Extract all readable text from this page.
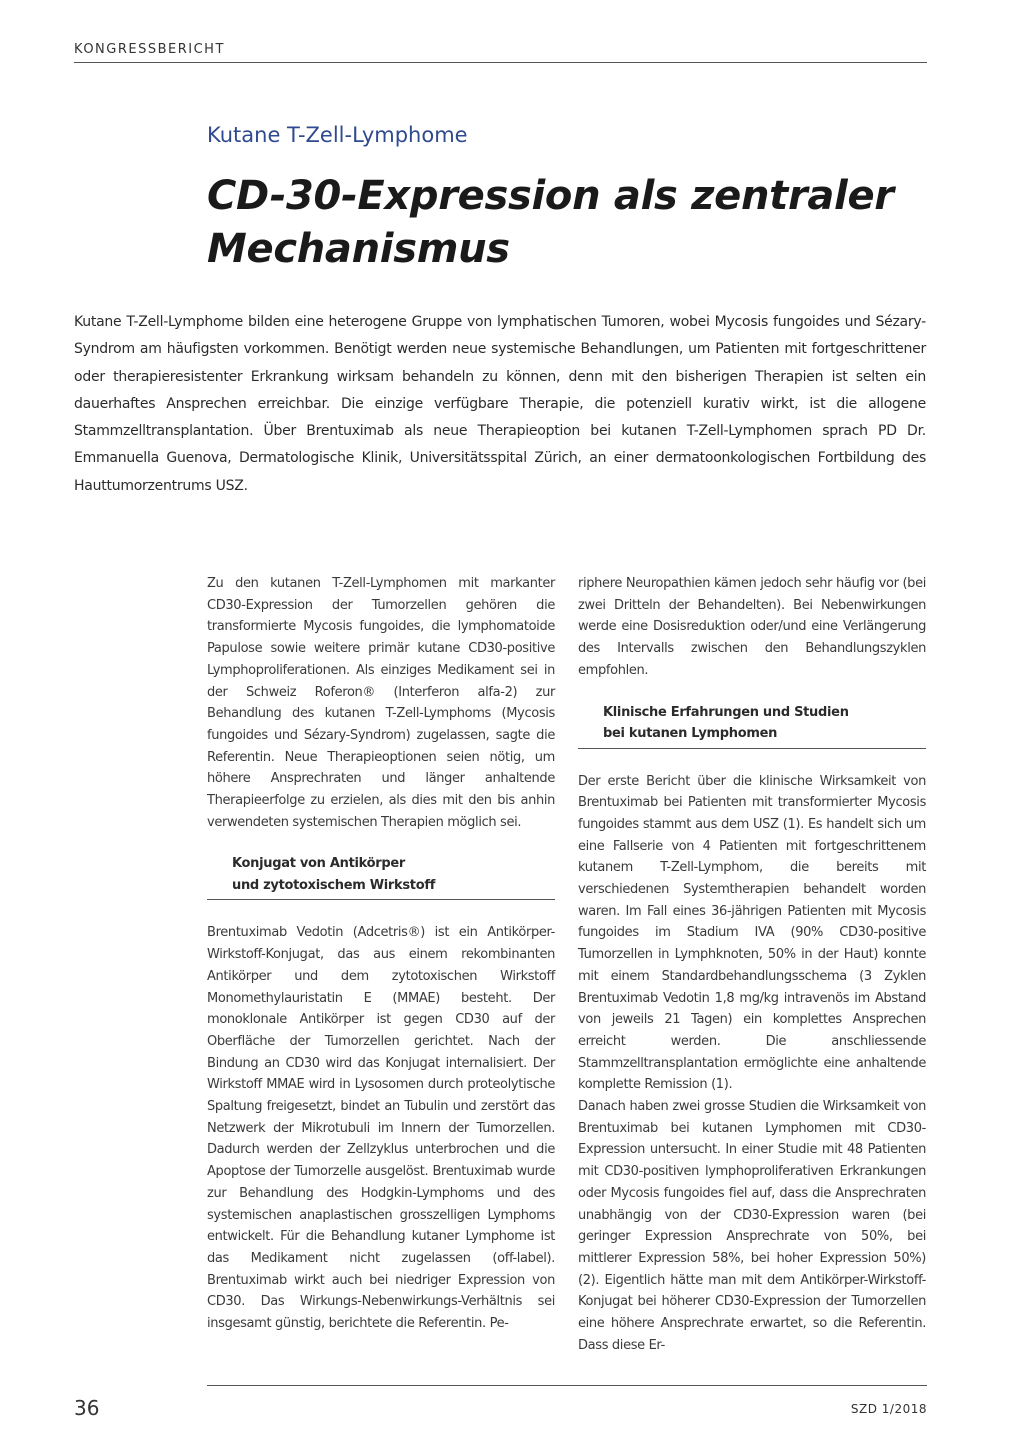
KONGRESSBERICHT
Kutane T-Zell-Lymphome
CD-30-Expression als zentraler Mechanismus
Kutane T-Zell-Lymphome bilden eine heterogene Gruppe von lymphatischen Tumoren, wobei Mycosis fungoides und Sézary-Syndrom am häufigsten vorkommen. Benötigt werden neue systemische Behandlungen, um Patienten mit fortgeschrittener oder therapieresistenter Erkrankung wirksam behandeln zu können, denn mit den bisherigen Therapien ist selten ein dauerhaftes Ansprechen erreichbar. Die einzige verfügbare Therapie, die potenziell kurativ wirkt, ist die allogene Stammzelltransplantation. Über Brentuximab als neue Therapieoption bei kutanen T-Zell-Lymphomen sprach PD Dr. Emmanuella Guenova, Dermatologische Klinik, Universitätsspital Zürich, an einer dermatoonkologischen Fortbildung des Hauttumorzentrums USZ.

Zu den kutanen T-Zell-Lymphomen mit markanter CD30-Expression der Tumorzellen gehören die transformierte Mycosis fungoides, die lymphomatoide Papulose sowie weitere primär kutane CD30-positive Lymphoproliferationen. Als einziges Medikament sei in der Schweiz Roferon® (Interferon alfa-2) zur Behandlung des kutanen T-Zell-Lymphoms (Mycosis fungoides und Sézary-Syndrom) zugelassen, sagte die Referentin. Neue Therapieoptionen seien nötig, um höhere Ansprechraten und länger anhaltende Therapieerfolge zu erzielen, als dies mit den bis anhin verwendeten systemischen Therapien möglich sei.

Konjugat von Antikörper
und zytotoxischem Wirkstoff

Brentuximab Vedotin (Adcetris®) ist ein Antikörper-Wirkstoff-Konjugat, das aus einem rekombinanten Antikörper und dem zytotoxischen Wirkstoff Monomethylauristatin E (MMAE) besteht. Der monoklonale Antikörper ist gegen CD30 auf der Oberfläche der Tumorzellen gerichtet. Nach der Bindung an CD30 wird das Konjugat internalisiert. Der Wirkstoff MMAE wird in Lysosomen durch proteolytische Spaltung freigesetzt, bindet an Tubulin und zerstört das Netzwerk der Mikrotubuli im Innern der Tumorzellen. Dadurch werden der Zellzyklus unterbrochen und die Apoptose der Tumorzelle ausgelöst. Brentuximab wurde zur Behandlung des Hodgkin-Lymphoms und des systemischen anaplastischen grosszelligen Lymphoms entwickelt. Für die Behandlung kutaner Lymphome ist das Medikament nicht zugelassen (off-label). Brentuximab wirkt auch bei niedriger Expression von CD30. Das Wirkungs-Nebenwirkungs-Verhältnis sei insgesamt günstig, berichtete die Referentin. Pe-

riphere Neuropathien kämen jedoch sehr häufig vor (bei zwei Dritteln der Behandelten). Bei Nebenwirkungen werde eine Dosisreduktion oder/und eine Verlängerung des Intervalls zwischen den Behandlungszyklen empfohlen.

Klinische Erfahrungen und Studien
bei kutanen Lymphomen

Der erste Bericht über die klinische Wirksamkeit von Brentuximab bei Patienten mit transformierter Mycosis fungoides stammt aus dem USZ (1). Es handelt sich um eine Fallserie von 4 Patienten mit fortgeschrittenem kutanem T-Zell-Lymphom, die bereits mit verschiedenen Systemtherapien behandelt worden waren. Im Fall eines 36-jährigen Patienten mit Mycosis fungoides im Stadium IVA (90% CD30-positive Tumorzellen in Lymphknoten, 50% in der Haut) konnte mit einem Standardbehandlungsschema (3 Zyklen Brentuximab Vedotin 1,8 mg/kg intravenös im Abstand von jeweils 21 Tagen) ein komplettes Ansprechen erreicht werden. Die anschliessende Stammzelltransplantation ermöglichte eine anhaltende komplette Remission (1).

Danach haben zwei grosse Studien die Wirksamkeit von Brentuximab bei kutanen Lymphomen mit CD30-Expression untersucht. In einer Studie mit 48 Patienten mit CD30-positiven lymphoproliferativen Erkrankungen oder Mycosis fungoides fiel auf, dass die Ansprechraten unabhängig von der CD30-Expression waren (bei geringer Expression Ansprechrate von 50%, bei mittlerer Expression 58%, bei hoher Expression 50%) (2). Eigentlich hätte man mit dem Antikörper-Wirkstoff-Konjugat bei höherer CD30-Expression der Tumorzellen eine höhere Ansprechrate erwartet, so die Referentin. Dass diese Er-

36	SZD 1/2018
